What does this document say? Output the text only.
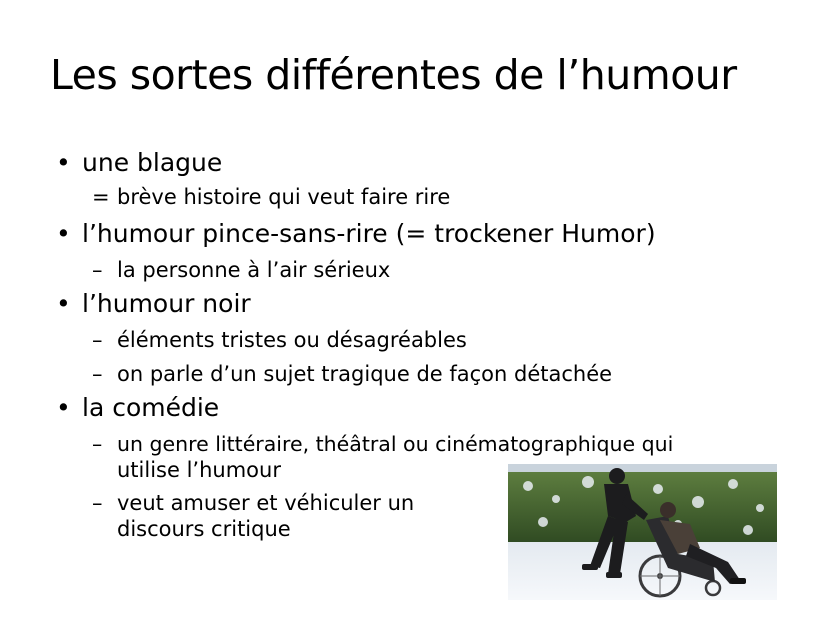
Les sortes différentes de l’humour
• une blague
= brève histoire qui veut faire rire
• l’humour pince-sans-rire (= trockener Humor)
– la personne à l’air sérieux
• l’humour noir
– éléments tristes ou désagréables
– on parle d’un sujet tragique de façon détachée
• la comédie
– un genre littéraire, théâtral ou cinématographique qui
utilise l’humour
– veut amuser et véhiculer un
discours critique
